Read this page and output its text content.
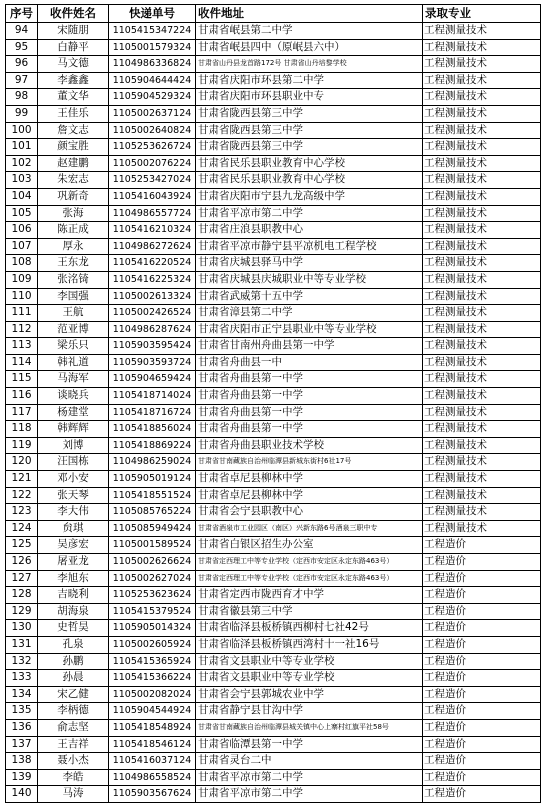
序号	收件姓名	快递单号	收件地址	录取专业
94	宋随朋	1105415347224	甘肃省岷县第二中学	工程测量技术
95	白静平	1105001579324	甘肃省岷县四中（原岷县六中）	工程测量技术
96	马文德	1104986336824	甘肃省山丹县龙首路172号 甘肃省山丹培黎学校	工程测量技术
97	李鑫鑫	1105904644424	甘肃省庆阳市环县第二中学	工程测量技术
98	董文华	1105904529324	甘肃省庆阳市环县职业中专	工程测量技术
99	王佳乐	1105002637124	甘肃省陇西县第三中学	工程测量技术
100	詹文志	1105002640824	甘肃省陇西县第三中学	工程测量技术
101	颜宝胜	1105253626724	甘肃省陇西县第三中学	工程测量技术
102	赵建鹏	1105002076224	甘肃省民乐县职业教育中心学校	工程测量技术
103	朱宏志	1105253427024	甘肃省民乐县职业教育中心学校	工程测量技术
104	巩新奇	1105416043924	甘肃省庆阳市宁县九龙高级中学	工程测量技术
105	张海	1104986557724	甘肃省平凉市第二中学	工程测量技术
106	陈正成	1105416210324	甘肃省庄浪县职教中心	工程测量技术
107	厚永	1104986272624	甘肃省平凉市静宁县平凉机电工程学校	工程测量技术
108	王东龙	1105416220524	甘肃省庆城县驿马中学	工程测量技术
109	张洺锜	1105416225324	甘肃省庆城县庆城职业中等专业学校	工程测量技术
110	李国强	1105002613324	甘肃省武威第十五中学	工程测量技术
111	王航	1105002426524	甘肃省漳县第二中学	工程测量技术
112	范亚博	1104986287624	甘肃省庆阳市正宁县职业中等专业学校	工程测量技术
113	梁乐只	1105903595424	甘肃省甘南州舟曲县第一中学	工程测量技术
114	韩礼道	1105903593724	甘肃省舟曲县一中	工程测量技术
115	马海军	1105904659424	甘肃省舟曲县第一中学	工程测量技术
116	谈晓兵	1105418714024	甘肃省舟曲县第一中学	工程测量技术
117	杨建堂	1105418716724	甘肃省舟曲县第一中学	工程测量技术
118	韩辉辉	1105418856024	甘肃省舟曲县第一中学	工程测量技术
119	刘博	1105418869224	甘肃省舟曲县职业技术学校	工程测量技术
120	汪国栋	1104986259024	甘肃省甘南藏族自治州临潭县新城东街村6社17号	工程测量技术
121	邓小安	1105905019124	甘肃省卓尼县柳林中学	工程测量技术
122	张天琴	1105418551524	甘肃省卓尼县柳林中学	工程测量技术
123	李大伟	1105085765224	甘肃省会宁县职教中心	工程测量技术
124	贠琪	1105085949424	甘肃省酒泉市工业园区（南区）兴新东路6号酒泉三职中专	工程测量技术
125	吴彦宏	1105001589524	甘肃省白银区招生办公室	工程造价
126	屠亚龙	1105002626624	甘肃省定西理工中等专业学校（定西市安定区永定东路463号）	工程造价
127	李旭东	1105002627024	甘肃省定西理工中等专业学校（定西市安定区永定东路463号）	工程造价
128	吉晓利	1105253623624	甘肃省定西市陇西育才中学	工程造价
129	胡海泉	1105415379524	甘肃省徽县第三中学	工程造价
130	史哲昊	1105905014324	甘肃省临泽县板桥镇西柳村七社42号	工程造价
131	孔泉	1105002605924	甘肃省临泽县板桥镇西湾村十一社16号	工程造价
132	孙鹏	1105415365924	甘肃省文县职业中等专业学校	工程造价
133	孙晨	1105415366224	甘肃省文县职业中等专业学校	工程造价
134	宋乙健	1105002082024	甘肃省会宁县郭城农业中学	工程造价
135	李柄德	1105904544924	甘肃省静宁县甘沟中学	工程造价
136	俞志坚	1105418548924	甘肃省甘南藏族自治州临潭县城关镇中心上寨村红旗平社58号	工程造价
137	王吉祥	1105418546124	甘肃省临潭县第一中学	工程造价
138	聂小杰	1105416037124	甘肃省灵台二中	工程造价
139	李皓	1104986558524	甘肃省平凉市第二中学	工程造价
140	马涛	1105903567624	甘肃省平凉市第二中学	工程造价
